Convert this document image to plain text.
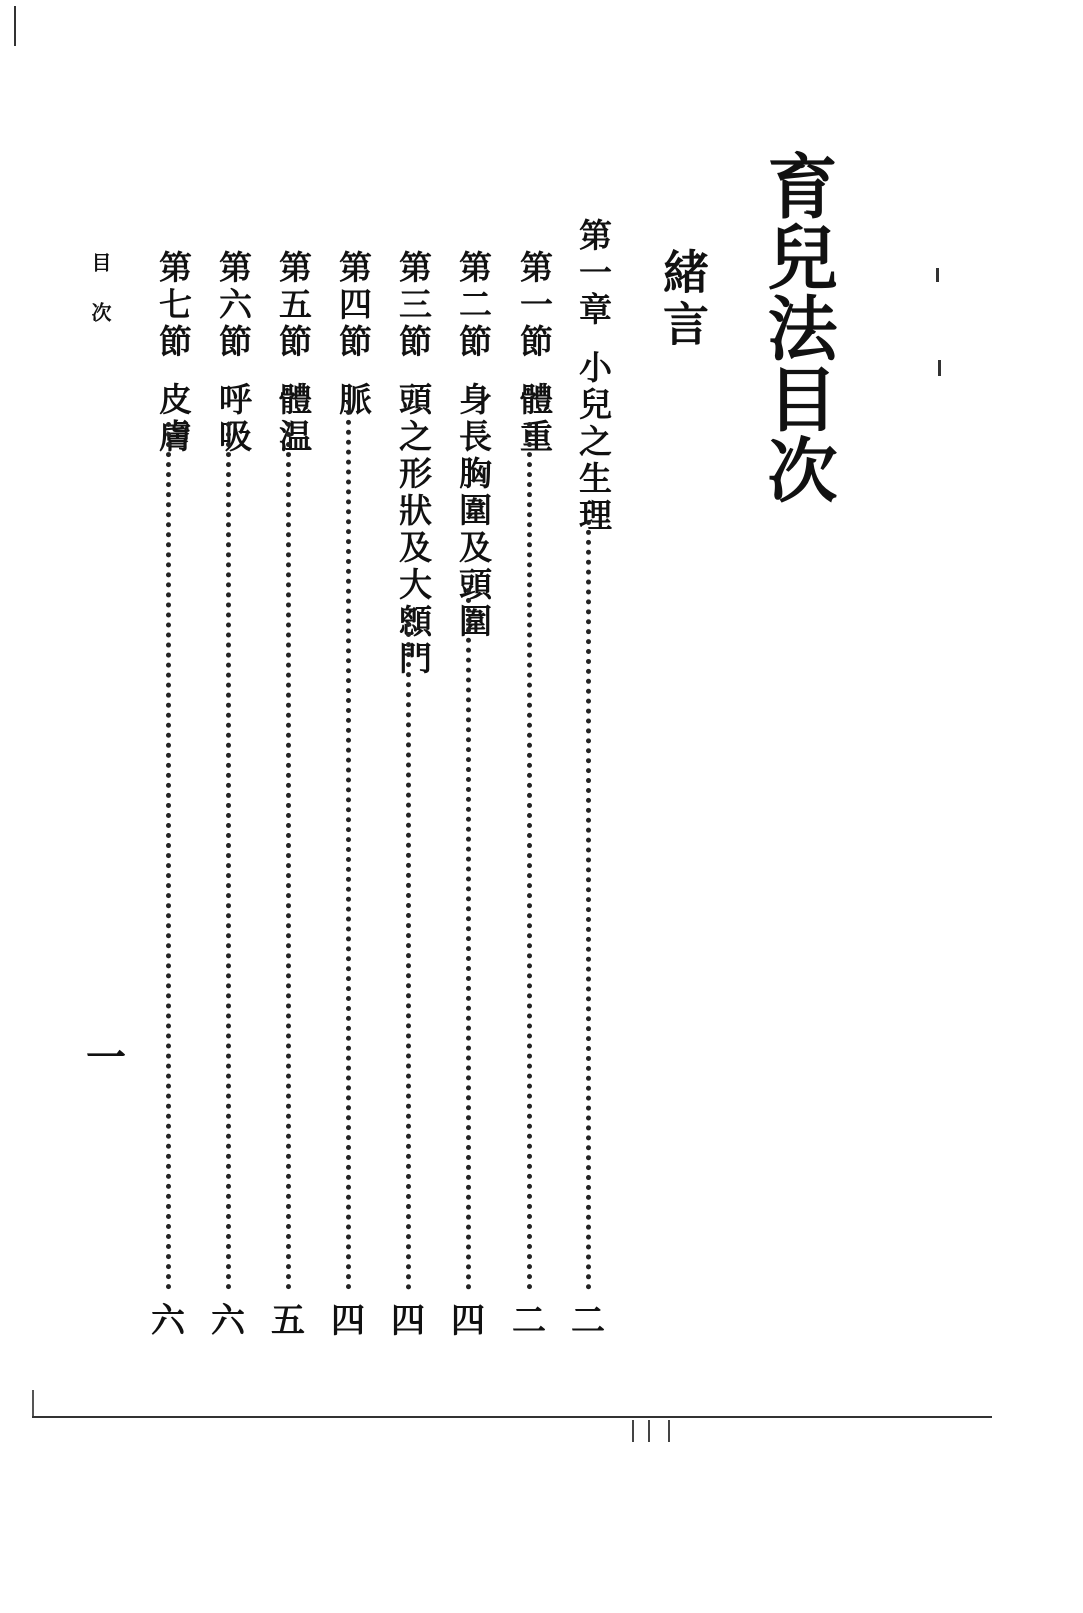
育兒法目次
緒言
第一章
小兒之生理
二
第一節
體重
二
第二節
身長胸圍及頭圍
四
第三節
頭之形狀及大顖門
四
第四節
脈
四
第五節
體温
五
第六節
呼吸
六
第七節
皮膚
六
目次
一
